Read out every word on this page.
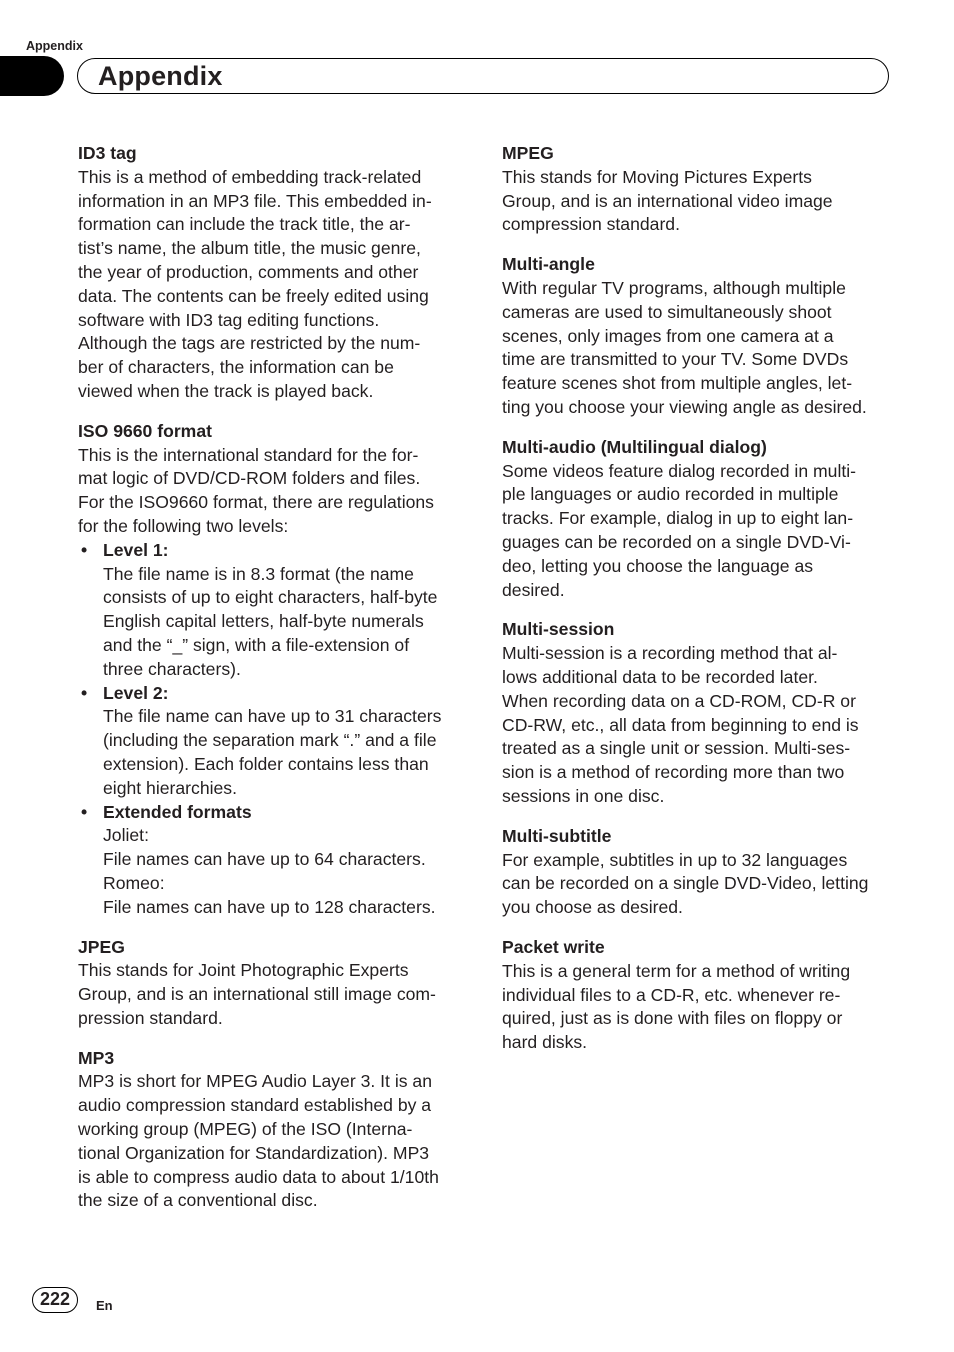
Appendix
Appendix
ID3 tag
This is a method of embedding track-related
information in an MP3 file. This embedded in-
formation can include the track title, the ar-
tist’s name, the album title, the music genre,
the year of production, comments and other
data. The contents can be freely edited using
software with ID3 tag editing functions.
Although the tags are restricted by the num-
ber of characters, the information can be
viewed when the track is played back.
ISO 9660 format
This is the international standard for the for-
mat logic of DVD/CD-ROM folders and files.
For the ISO9660 format, there are regulations
for the following two levels:
• Level 1:
The file name is in 8.3 format (the name
consists of up to eight characters, half-byte
English capital letters, half-byte numerals
and the “_” sign, with a file-extension of
three characters).
• Level 2:
The file name can have up to 31 characters
(including the separation mark “.” and a file
extension). Each folder contains less than
eight hierarchies.
• Extended formats
Joliet:
File names can have up to 64 characters.
Romeo:
File names can have up to 128 characters.
JPEG
This stands for Joint Photographic Experts
Group, and is an international still image com-
pression standard.
MP3
MP3 is short for MPEG Audio Layer 3. It is an
audio compression standard established by a
working group (MPEG) of the ISO (Interna-
tional Organization for Standardization). MP3
is able to compress audio data to about 1/10th
the size of a conventional disc.
MPEG
This stands for Moving Pictures Experts
Group, and is an international video image
compression standard.
Multi-angle
With regular TV programs, although multiple
cameras are used to simultaneously shoot
scenes, only images from one camera at a
time are transmitted to your TV. Some DVDs
feature scenes shot from multiple angles, let-
ting you choose your viewing angle as desired.
Multi-audio (Multilingual dialog)
Some videos feature dialog recorded in multi-
ple languages or audio recorded in multiple
tracks. For example, dialog in up to eight lan-
guages can be recorded on a single DVD-Vi-
deo, letting you choose the language as
desired.
Multi-session
Multi-session is a recording method that al-
lows additional data to be recorded later.
When recording data on a CD-ROM, CD-R or
CD-RW, etc., all data from beginning to end is
treated as a single unit or session. Multi-ses-
sion is a method of recording more than two
sessions in one disc.
Multi-subtitle
For example, subtitles in up to 32 languages
can be recorded on a single DVD-Video, letting
you choose as desired.
Packet write
This is a general term for a method of writing
individual files to a CD-R, etc. whenever re-
quired, just as is done with files on floppy or
hard disks.
222	En
